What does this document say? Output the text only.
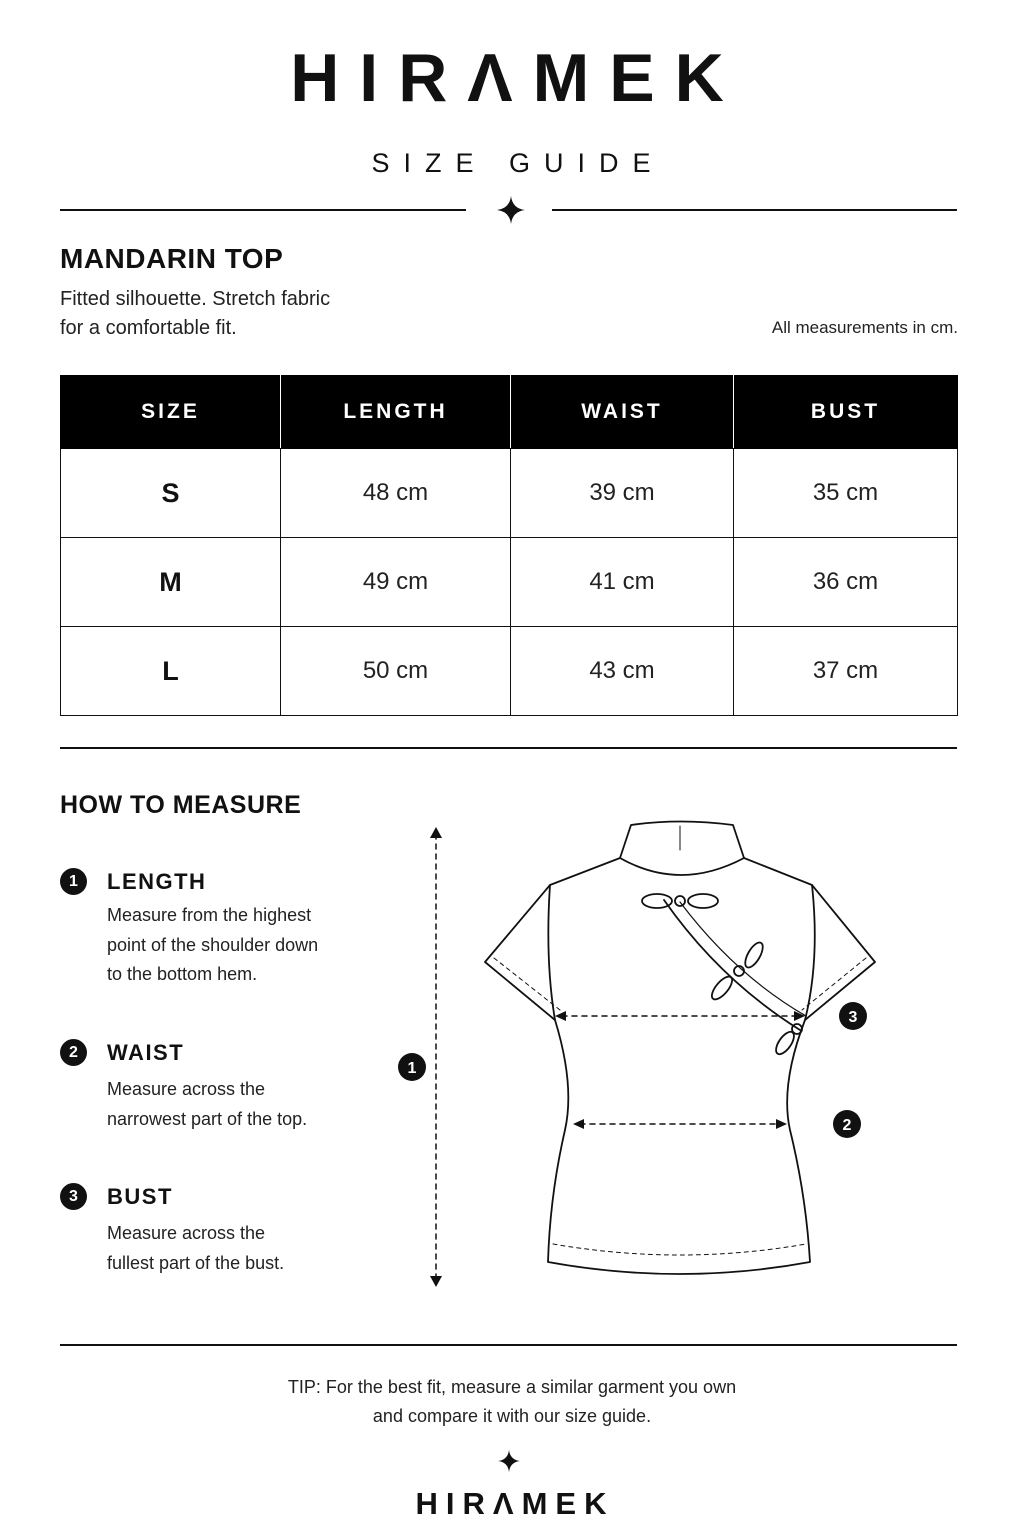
HIRΛMEK
SIZE GUIDE
MANDARIN TOP
Fitted silhouette. Stretch fabric
for a comfortable fit.	All measurements in cm.
SIZE	LENGTH	WAIST	BUST
S	48 cm	39 cm	35 cm
M	49 cm	41 cm	36 cm
L	50 cm	43 cm	37 cm
HOW TO MEASURE
1	LENGTH
Measure from the highest
point of the shoulder down
to the bottom hem.
2	WAIST
Measure across the
narrowest part of the top.
3	BUST
Measure across the
fullest part of the bust.
1
3
2
TIP: For the best fit, measure a similar garment you own
and compare it with our size guide.
HIRΛMEK
